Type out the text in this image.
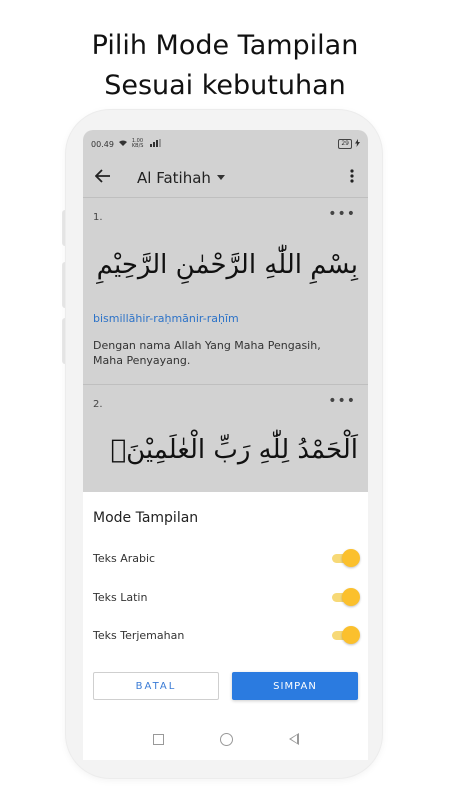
Pilih Mode Tampilan
Sesuai kebutuhan
00.49	1.00 KB/S	29
Al Fatihah
1.	•••
بِسْمِ اللّٰهِ الرَّحْمٰنِ الرَّحِيْمِ
bismillāhir-raḥmānir-raḥīm
Dengan nama Allah Yang Maha Pengasih, Maha Penyayang.
2.	•••
اَلْحَمْدُ لِلّٰهِ رَبِّ الْعٰلَمِيْنَۙ
Mode Tampilan
Teks Arabic
Teks Latin
Teks Terjemahan
BATAL	SIMPAN
